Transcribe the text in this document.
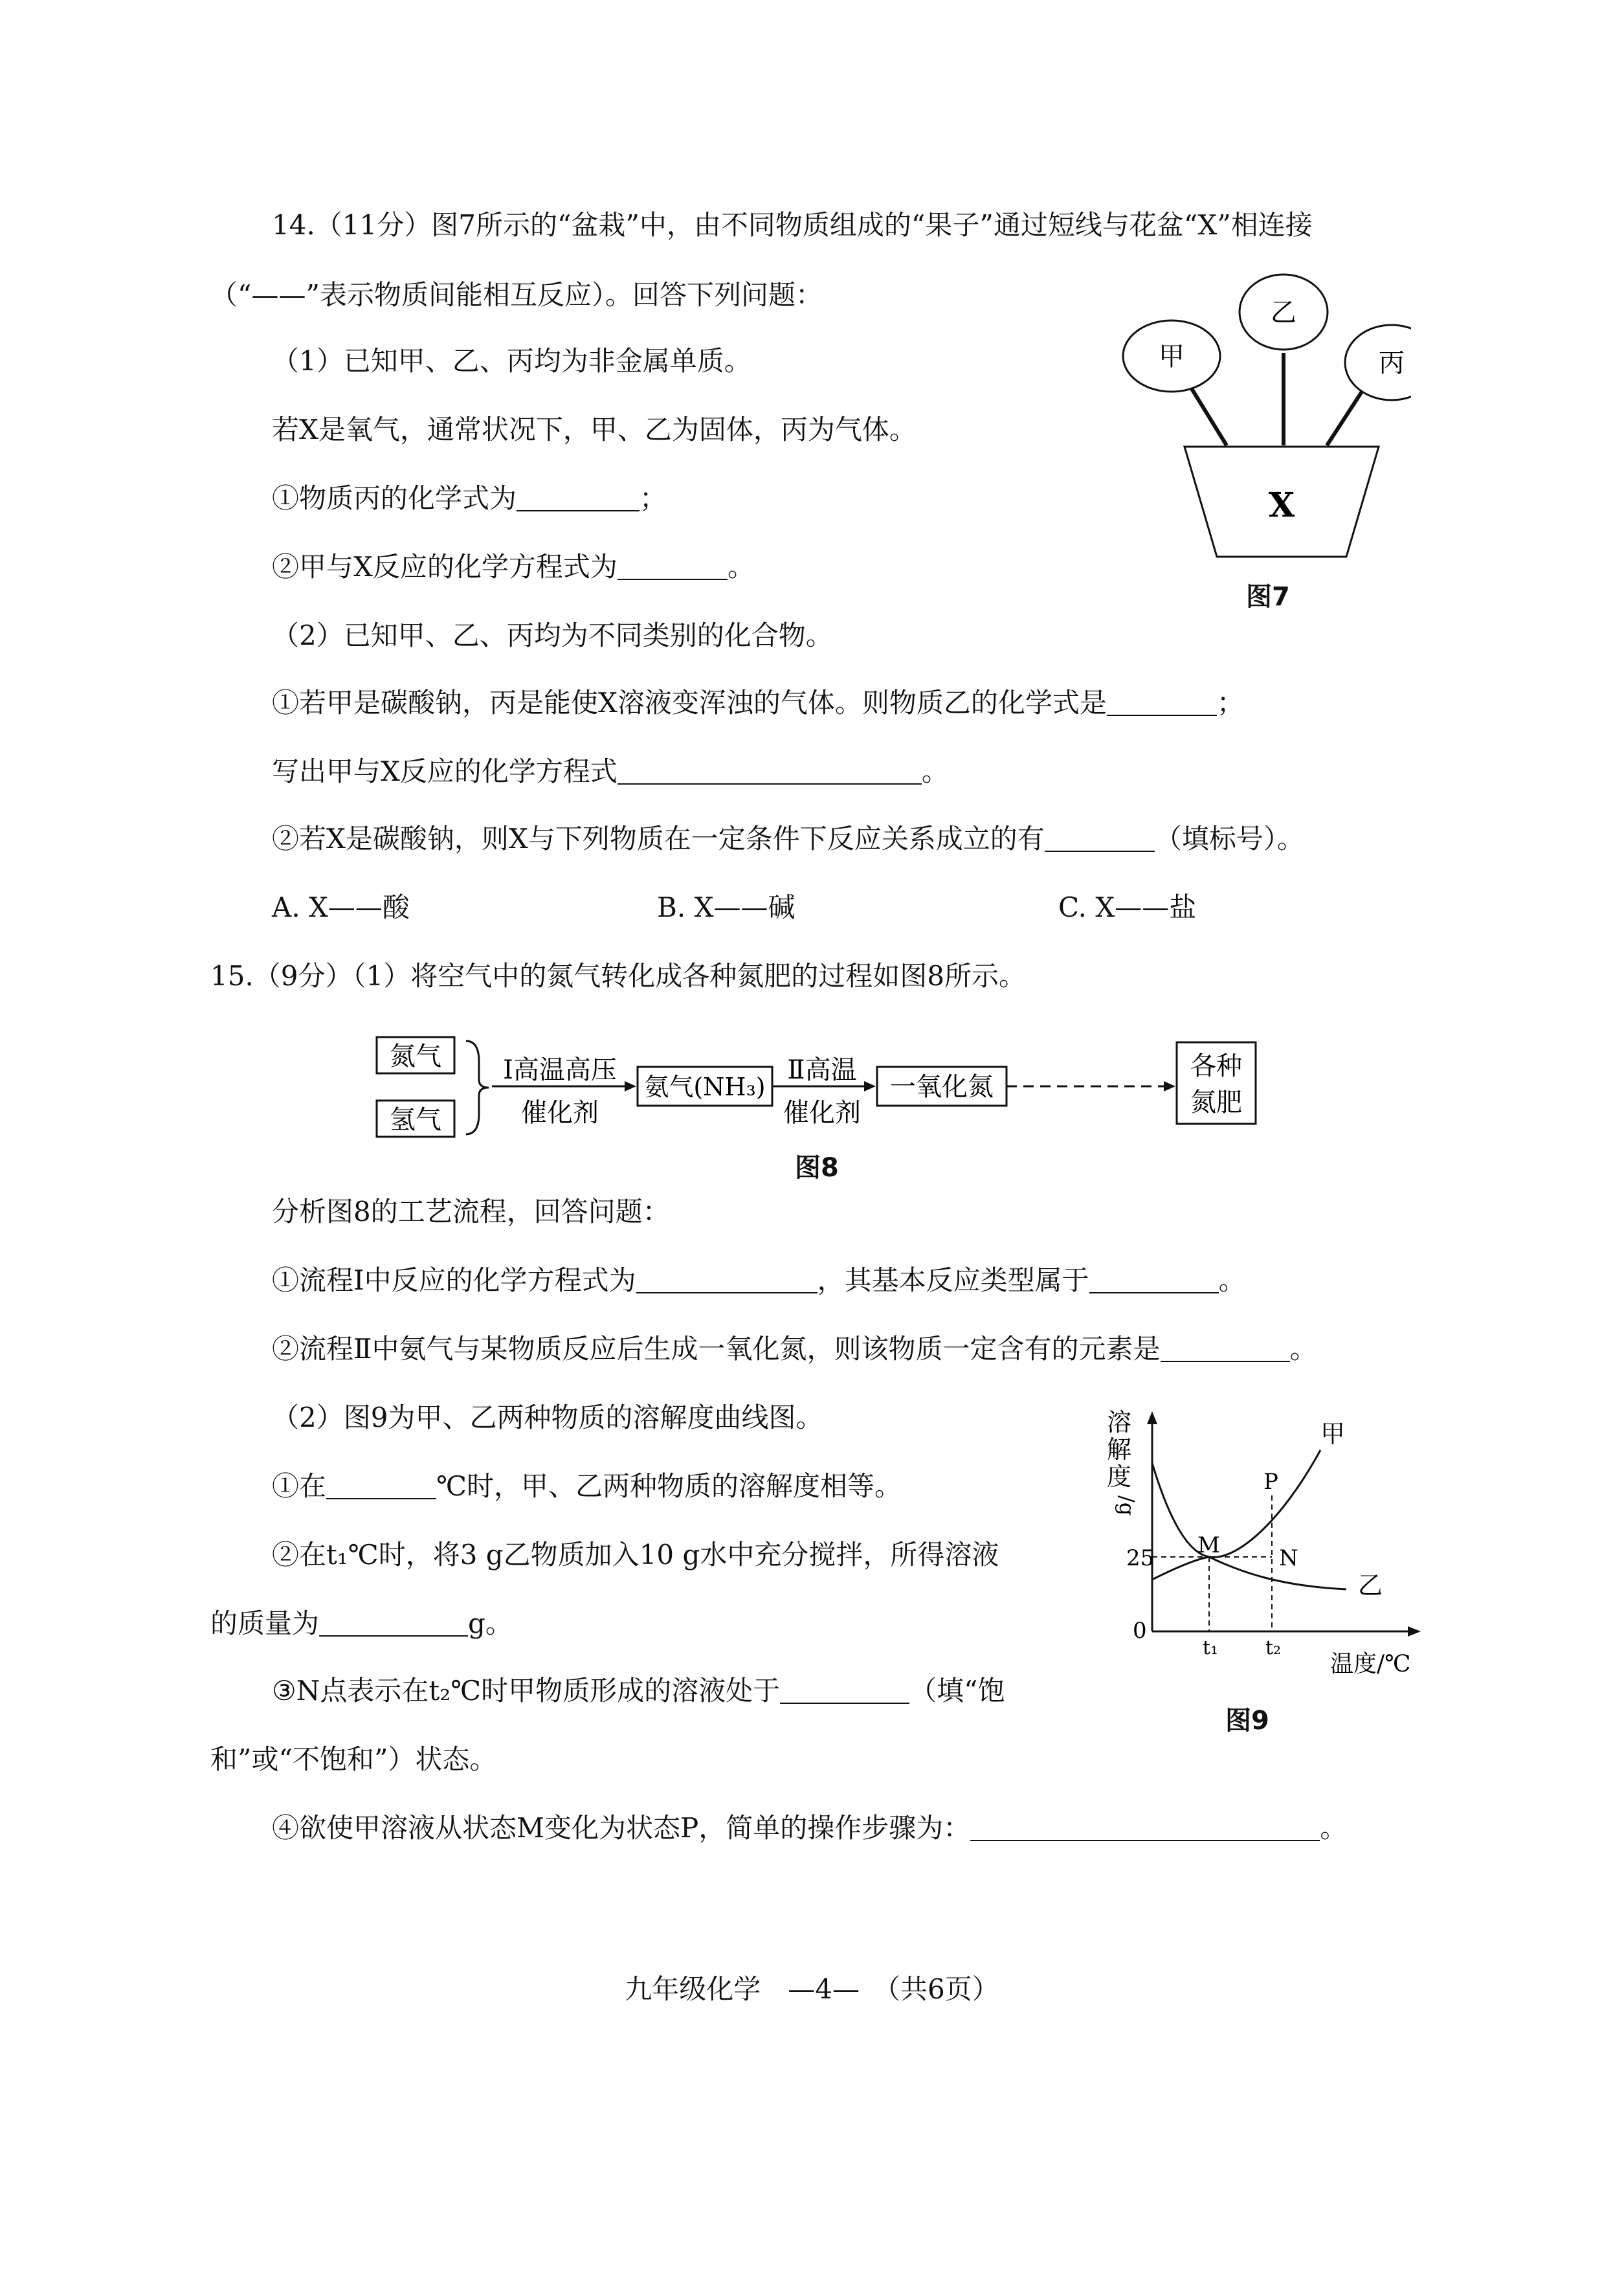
14.（11分）图7所示的“盆栽”中，由不同物质组成的“果子”通过短线与花盆“X”相连接
（“——”表示物质间能相互反应）。回答下列问题：
（1）已知甲、乙、丙均为非金属单质。
若X是氧气，通常状况下，甲、乙为固体，丙为气体。
①物质丙的化学式为	；
②甲与X反应的化学方程式为	。
（2）已知甲、乙、丙均为不同类别的化合物。
①若甲是碳酸钠，丙是能使X溶液变浑浊的气体。则物质乙的化学式是	；
写出甲与X反应的化学方程式	。
②若X是碳酸钠，则X与下列物质在一定条件下反应关系成立的有	（填标号）。
A. X——酸	B. X——碱	C. X——盐
甲
乙
丙
X
图7
15.（9分）（1）将空气中的氮气转化成各种氮肥的过程如图8所示。
氮气
氢气
Ⅰ高温高压
催化剂
氨气(NH₃)
Ⅱ高温
催化剂
一氧化氮
各种
氮肥
图8
分析图8的工艺流程，回答问题：
①流程Ⅰ中反应的化学方程式为	，其基本反应类型属于	。
②流程Ⅱ中氨气与某物质反应后生成一氧化氮，则该物质一定含有的元素是	。
（2）图9为甲、乙两种物质的溶解度曲线图。
①在	℃时，甲、乙两种物质的溶解度相等。
②在t₁℃时，将3 g乙物质加入10 g水中充分搅拌，所得溶液
的质量为	g。
③N点表示在t₂℃时甲物质形成的溶液处于	（填“饱
和”或“不饱和”）状态。
④欲使甲溶液从状态M变化为状态P，简单的操作步骤为：	。
溶
解
度
/g
25
0
t₁ t₂
温度/℃
M
P
N
甲
乙
图9
九年级化学　—4—　（共6页）
